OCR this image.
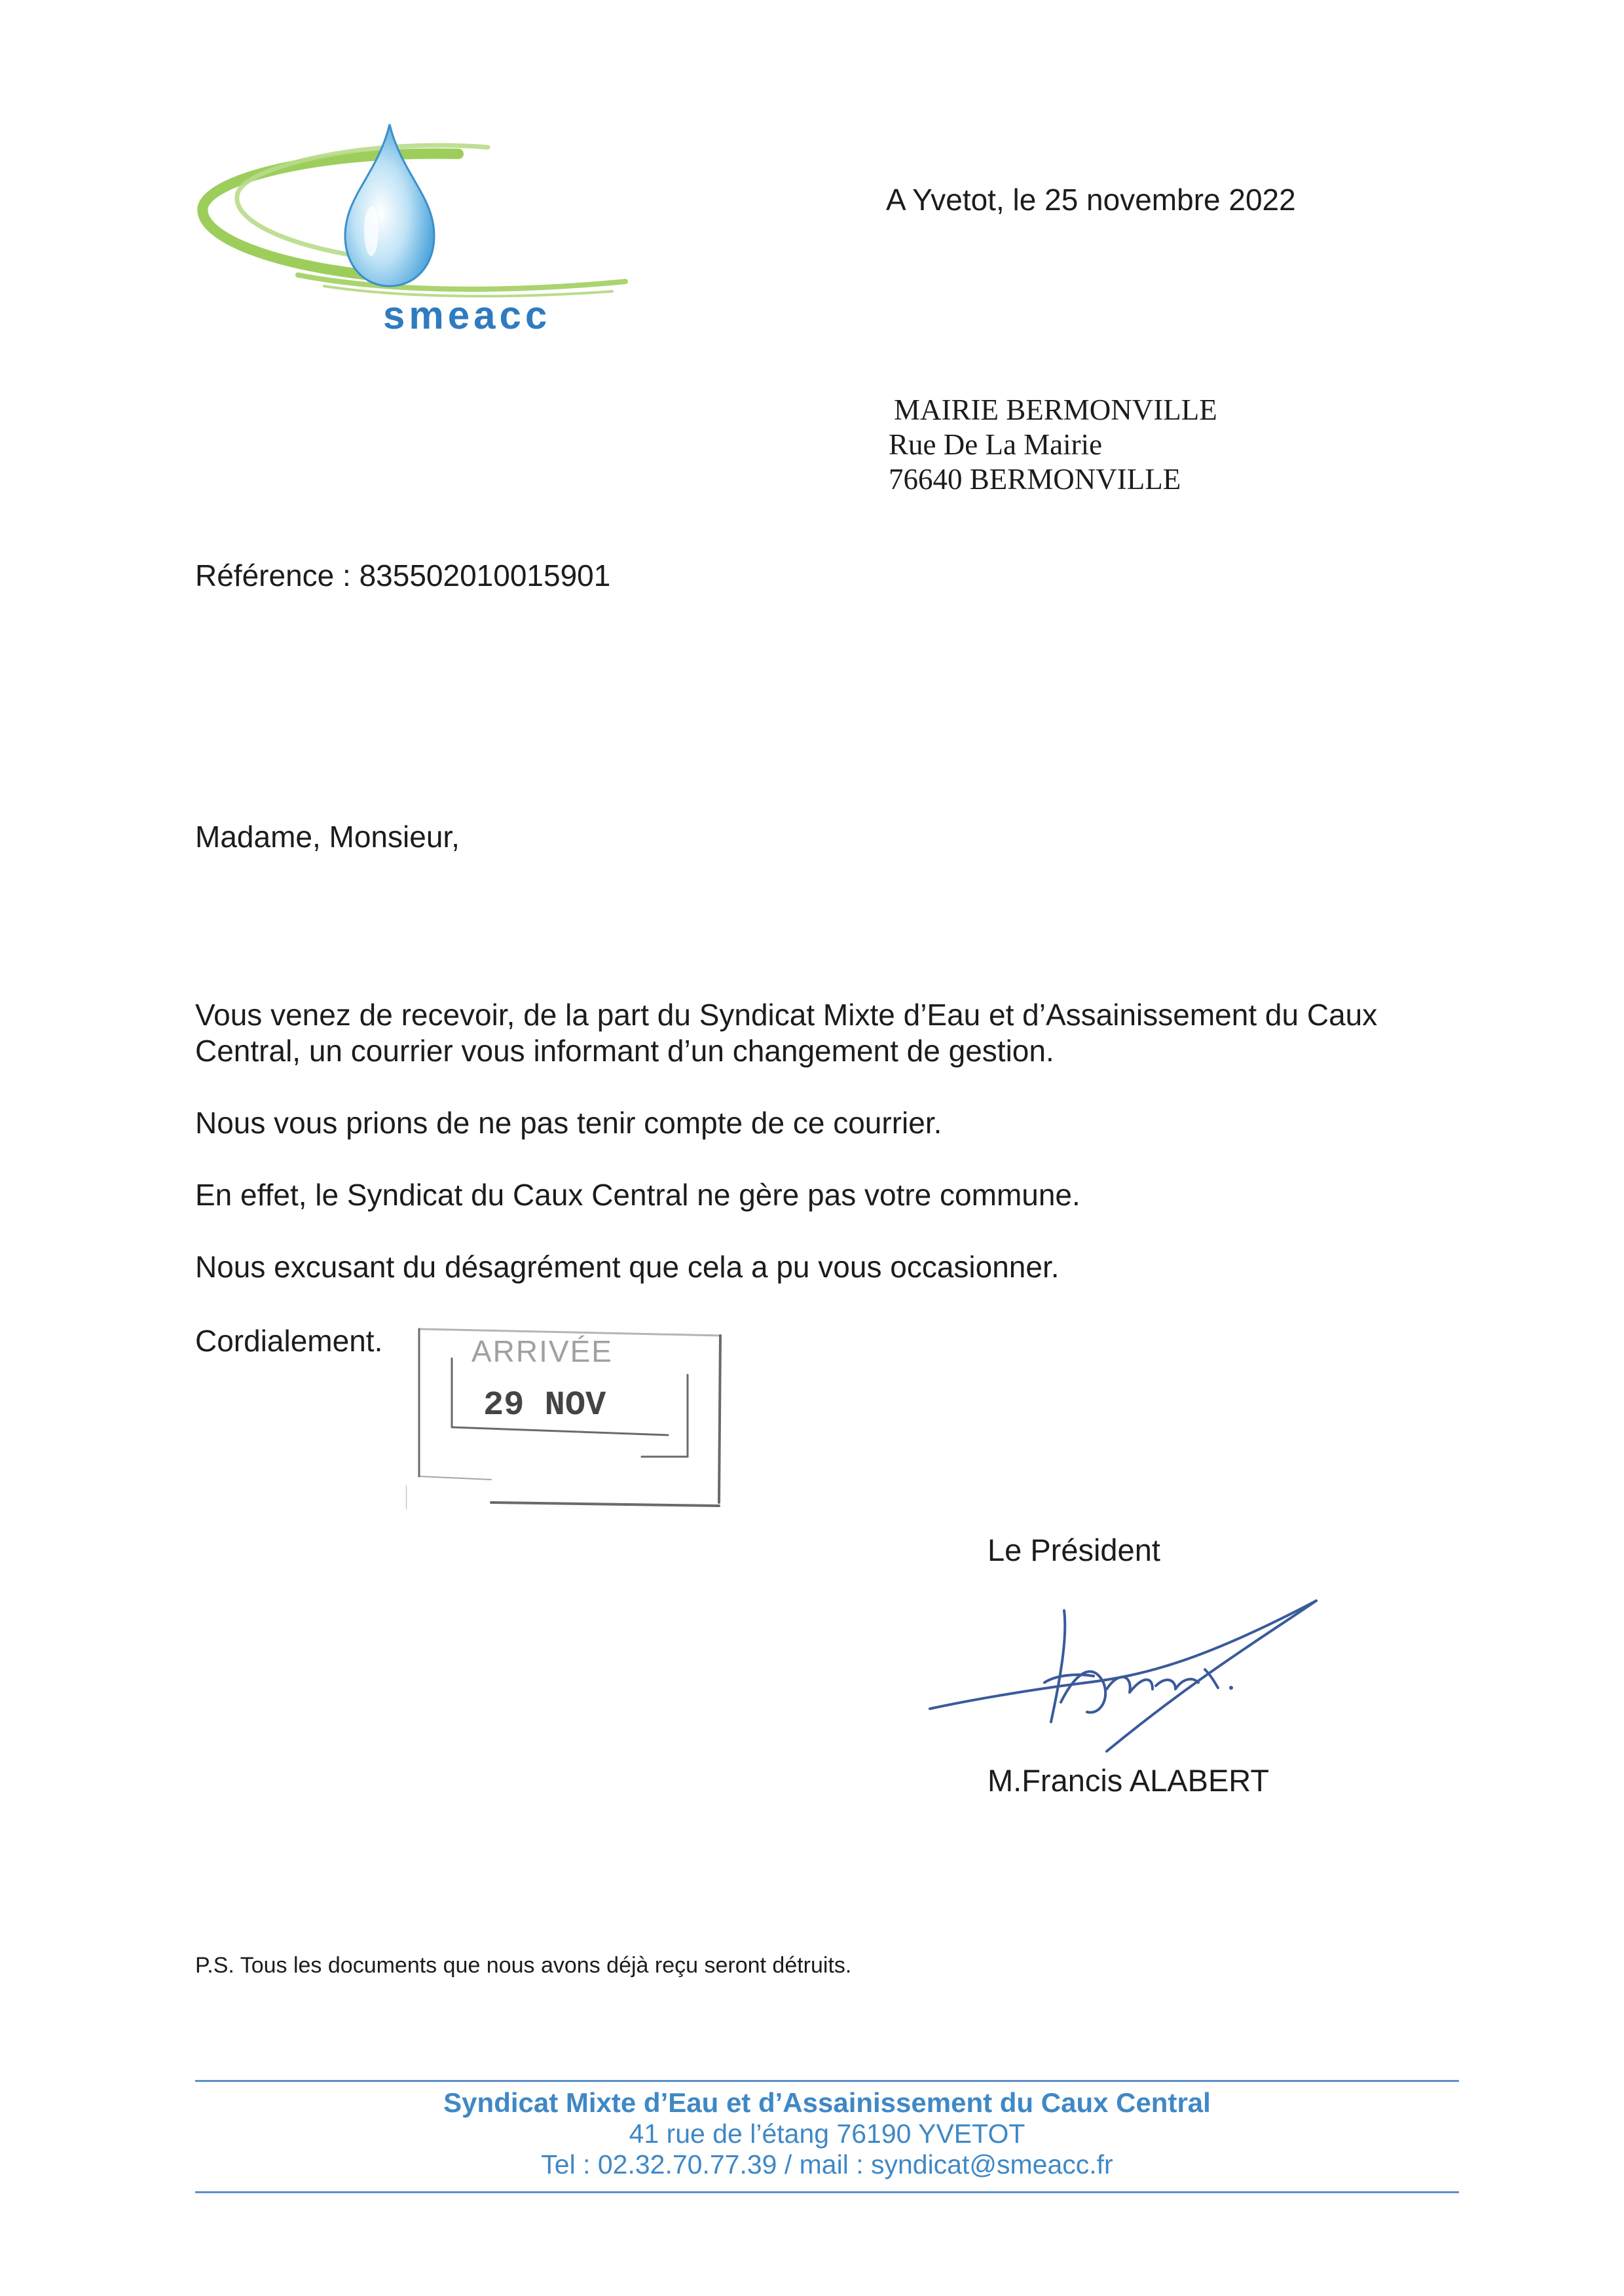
smeacc
A Yvetot, le 25 novembre 2022
MAIRIE BERMONVILLE
Rue De La Mairie
76640 BERMONVILLE
Référence : 835502010015901
Madame, Monsieur,

Vous venez de recevoir, de la part du Syndicat Mixte d’Eau et d’Assainissement du Caux Central, un courrier vous informant d’un changement de gestion.

Nous vous prions de ne pas tenir compte de ce courrier.

En effet, le Syndicat du Caux Central ne gère pas votre commune.

Nous excusant du désagrément que cela a pu vous occasionner.

Cordialement.	ARRIVÉE
29 NOV
Le Président
M.Francis ALABERT
P.S. Tous les documents que nous avons déjà reçu seront détruits.
Syndicat Mixte d’Eau et d’Assainissement du Caux Central
41 rue de l’étang 76190 YVETOT
Tel : 02.32.70.77.39 / mail : syndicat@smeacc.fr
